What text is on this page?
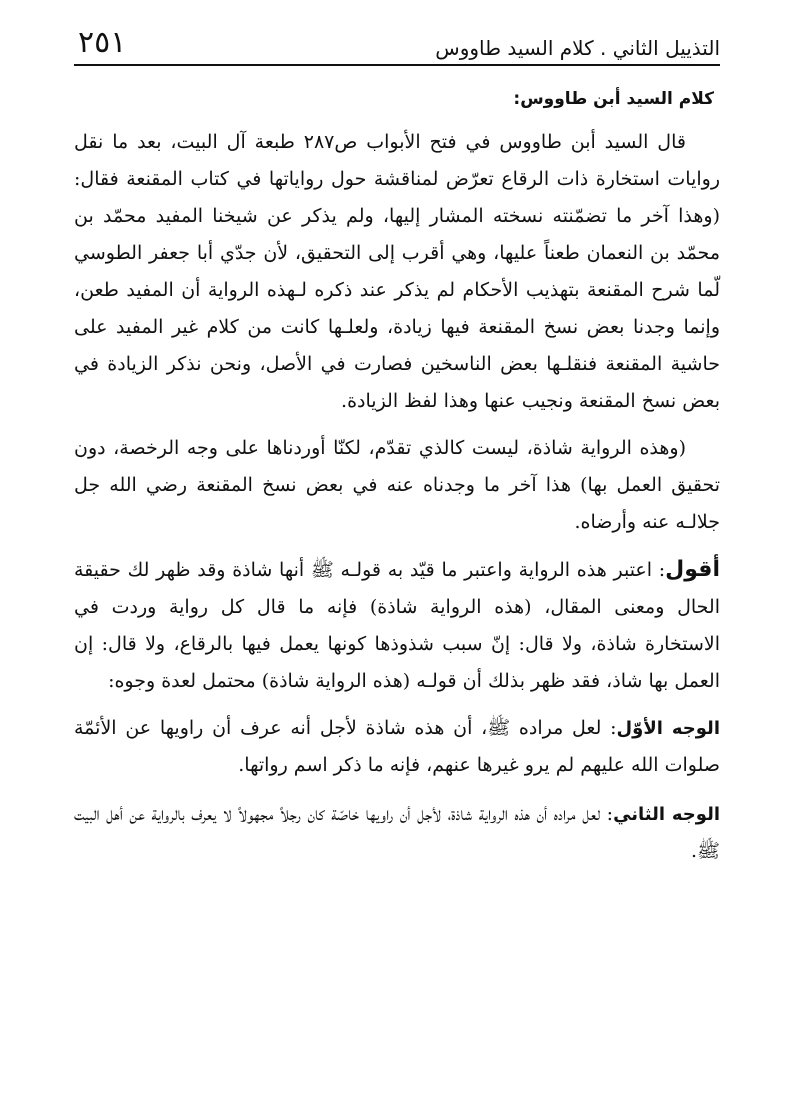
التذييل الثاني . كلام السيد طاووس
٢٥١
كلام السيد أبن طاووس:

قال السيد أبن طاووس في فتح الأبواب ص٢٨٧ طبعة آل البيت، بعد ما نقل روايات استخارة ذات الرقاع تعرّض لمناقشة حول رواياتها في كتاب المقنعة فقال: (وهذا آخر ما تضمّنته نسخته المشار إليها، ولم يذكر عن شيخنا المفيد محمّد بن محمّد بن النعمان طعناً عليها، وهي أقرب إلى التحقيق، لأن جدّي أبا جعفر الطوسي لّما شرح المقنعة بتهذيب الأحكام لم يذكر عند ذكره لـهذه الرواية أن المفيد طعن، وإنما وجدنا بعض نسخ المقنعة فيها زيادة، ولعلـها كانت من كلام غير المفيد على حاشية المقنعة فنقلـها بعض الناسخين فصارت في الأصل، ونحن نذكر الزيادة في بعض نسخ المقنعة ونجيب عنها وهذا لفظ الزيادة.

(وهذه الرواية شاذة، ليست كالذي تقدّم، لكنّا أوردناها على وجه الرخصة، دون تحقيق العمل بها) هذا آخر ما وجدناه عنه في بعض نسخ المقنعة رضي الله جل جلالـه عنه وأرضاه.

أقول: اعتبر هذه الرواية واعتبر ما قيّد به قولـه ﷺ أنها شاذة وقد ظهر لك حقيقة الحال ومعنى المقال، (هذه الرواية شاذة) فإنه ما قال كل رواية وردت في الاستخارة شاذة، ولا قال: إنّ سبب شذوذها كونها يعمل فيها بالرقاع، ولا قال: إن العمل بها شاذ، فقد ظهر بذلك أن قولـه (هذه الرواية شاذة) محتمل لعدة وجوه:

الوجه الأوّل: لعل مراده ﷺ، أن هذه شاذة لأجل أنه عرف أن راويها عن الأئمّة صلوات الله عليهم لم يرو غيرها عنهم، فإنه ما ذكر اسم رواتها.

الوجه الثاني: لعل مراده أن هذه الرواية شاذة، لأجل أن راويها خاصّة كان رجلاً مجهولاً لا يعرف بالرواية عن أهل البيت ﷺ.
